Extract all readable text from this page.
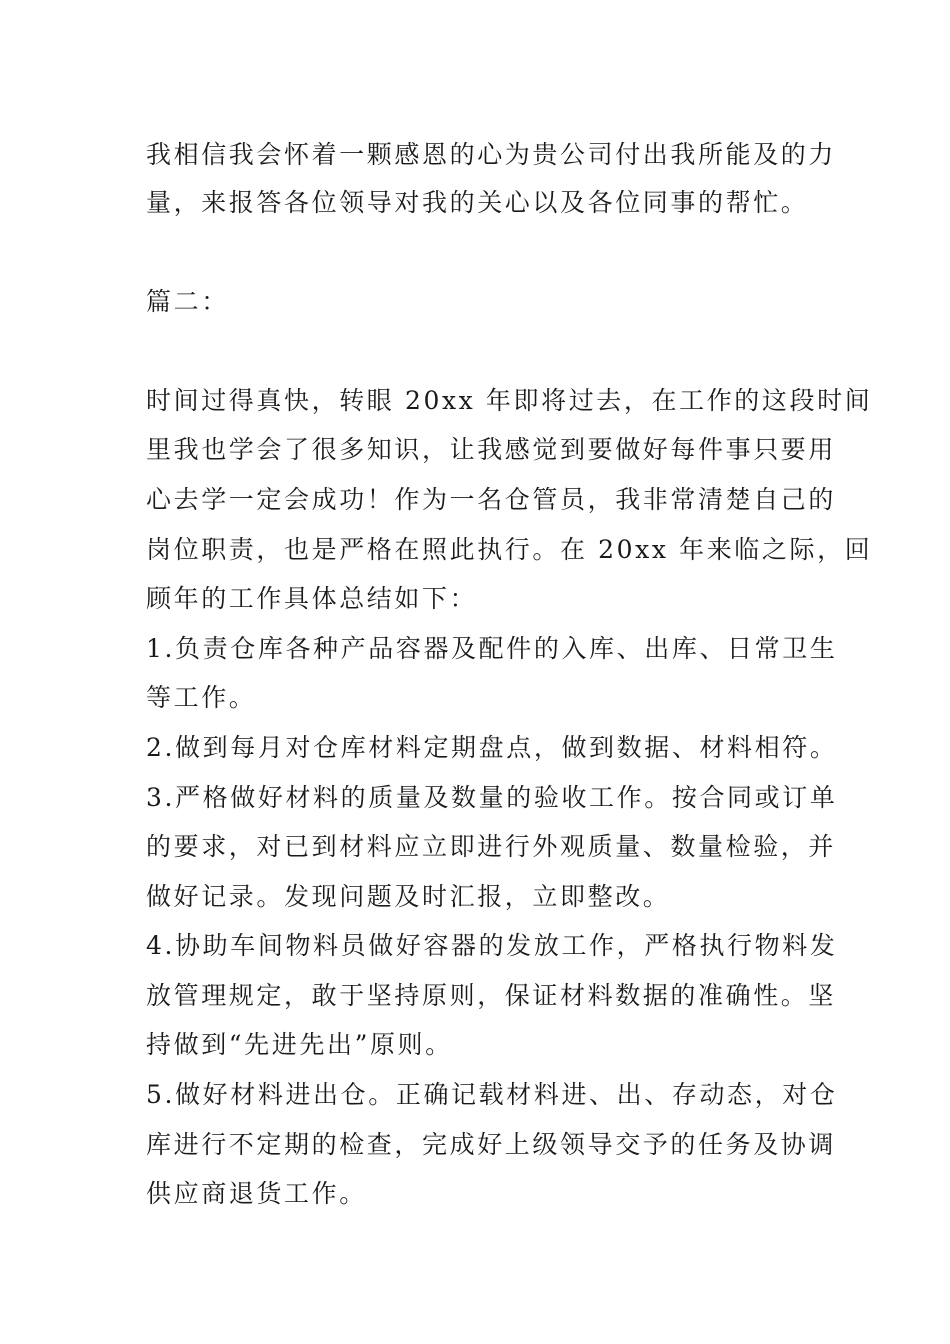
我相信我会怀着一颗感恩的心为贵公司付出我所能及的力
量，来报答各位领导对我的关心以及各位同事的帮忙。
篇二：
时间过得真快，转眼 20xx 年即将过去，在工作的这段时间
里我也学会了很多知识，让我感觉到要做好每件事只要用
心去学一定会成功！作为一名仓管员，我非常清楚自己的
岗位职责，也是严格在照此执行。在 20xx 年来临之际，回
顾年的工作具体总结如下：
1.负责仓库各种产品容器及配件的入库、出库、日常卫生
等工作。
2.做到每月对仓库材料定期盘点，做到数据、材料相符。
3.严格做好材料的质量及数量的验收工作。按合同或订单
的要求，对已到材料应立即进行外观质量、数量检验，并
做好记录。发现问题及时汇报，立即整改。
4.协助车间物料员做好容器的发放工作，严格执行物料发
放管理规定，敢于坚持原则，保证材料数据的准确性。坚
持做到“先进先出”原则。
5.做好材料进出仓。正确记载材料进、出、存动态，对仓
库进行不定期的检查，完成好上级领导交予的任务及协调
供应商退货工作。
